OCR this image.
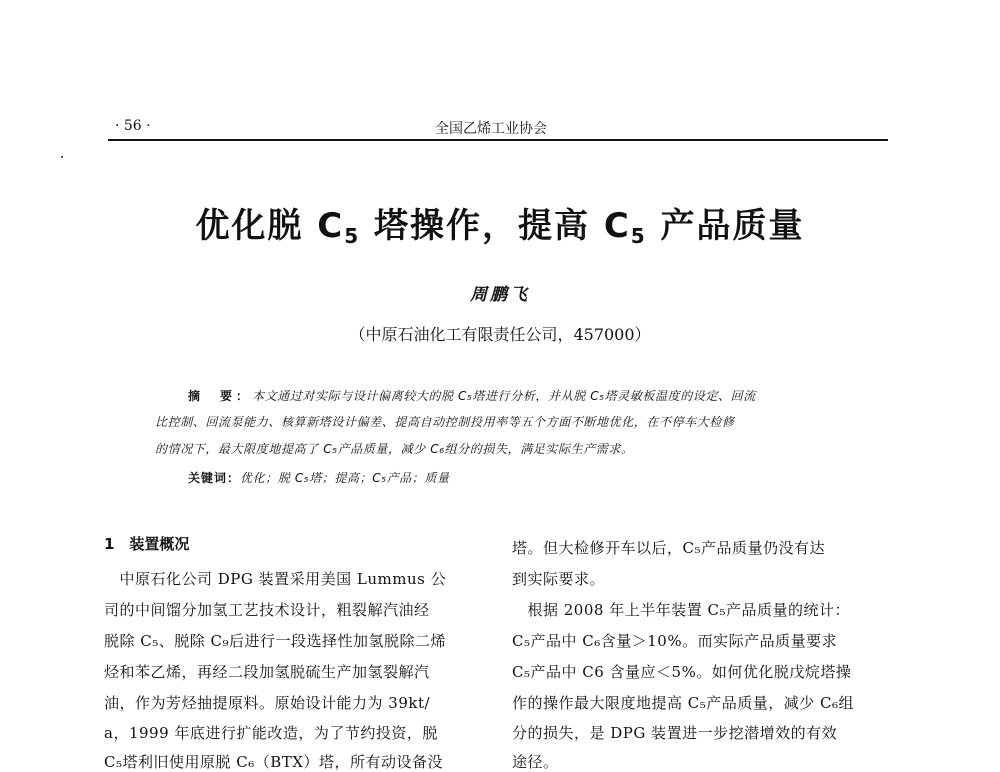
· 56 ·	全国乙烯工业协会
优化脱 $C_5$ 塔操作，提高 $C_5$ 产品质量
周鹏飞
（中原石油化工有限责任公司，457000）
摘　要：本文通过对实际与设计偏离较大的脱 C₅塔进行分析，并从脱 C₅塔灵敏板温度的设定、回流
比控制、回流泵能力、核算新塔设计偏差、提高自动控制投用率等五个方面不断地优化，在不停车大检修
的情况下，最大限度地提高了 C₅产品质量，减少 C₆组分的损失，满足实际生产需求。
关键词：优化；脱 C₅塔；提高；C₅产品；质量
1　装置概况
　中原石化公司 DPG 装置采用美国 Lummus 公
司的中间馏分加氢工艺技术设计，粗裂解汽油经
脱除 C₅、脱除 C₉后进行一段选择性加氢脱除二烯
烃和苯乙烯，再经二段加氢脱硫生产加氢裂解汽
油，作为芳烃抽提原料。原始设计能力为 39kt/
a，1999 年底进行扩能改造，为了节约投资，脱
C₅塔利旧使用原脱 C₆（BTX）塔，所有动设备没
塔。但大检修开车以后，C₅产品质量仍没有达
到实际要求。
　根据 2008 年上半年装置 C₅产品质量的统计：
C₅产品中 C₆含量＞10%。而实际产品质量要求
C₅产品中 C6 含量应＜5%。如何优化脱戊烷塔操
作的操作最大限度地提高 C₅产品质量，减少 C₆组
分的损失，是 DPG 装置进一步挖潜增效的有效
途径。
